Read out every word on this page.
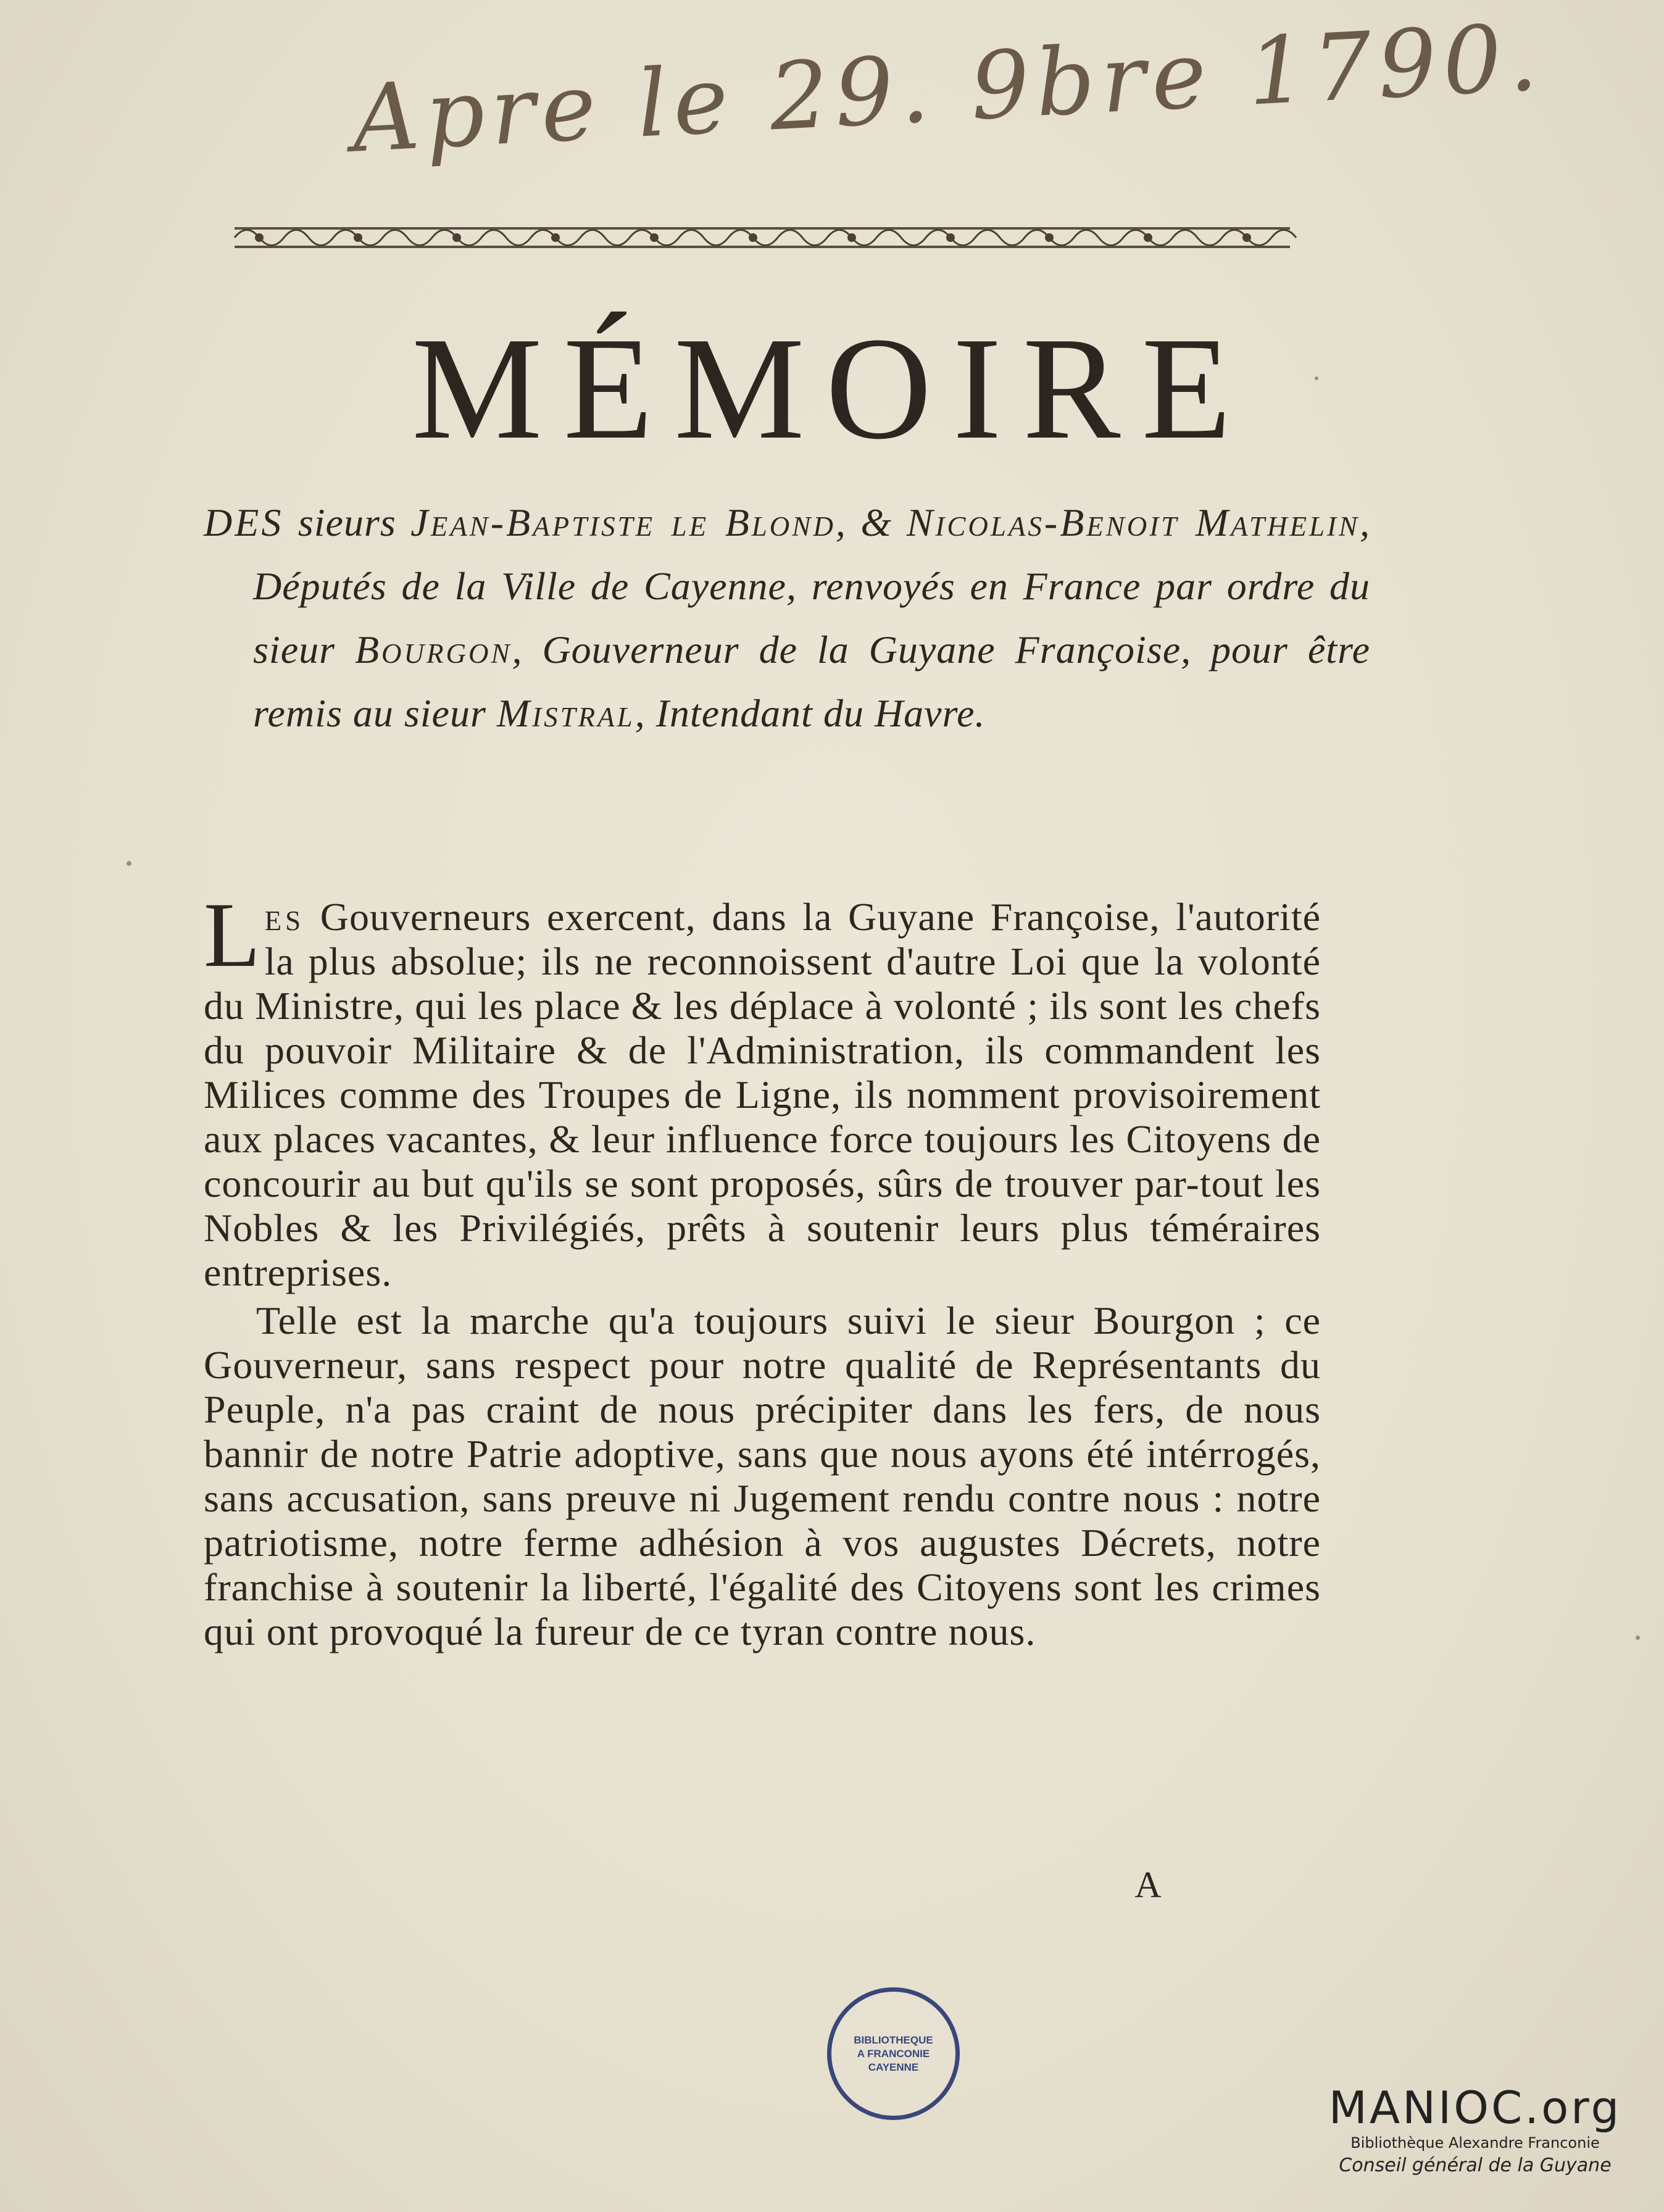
Apre le 29. 9bre 1790.
MÉMOIRE
DES sieurs Jean-Baptiste le Blond, & Nicolas-Benoit Mathelin, Députés de la Ville de Cayenne, renvoyés en France par ordre du sieur Bourgon, Gouverneur de la Guyane Françoise, pour être remis au sieur Mistral, Intendant du Havre.

Les Gouverneurs exercent, dans la Guyane Françoise, l'autorité la plus absolue; ils ne reconnoissent d'autre Loi que la volonté du Ministre, qui les place & les déplace à volonté ; ils sont les chefs du pouvoir Militaire & de l'Administration, ils commandent les Milices comme des Troupes de Ligne, ils nomment provisoirement aux places vacantes, & leur influence force toujours les Citoyens de concourir au but qu'ils se sont proposés, sûrs de trouver par-tout les Nobles & les Privilégiés, prêts à soutenir leurs plus téméraires entreprises.

Telle est la marche qu'a toujours suivi le sieur Bourgon ; ce Gouverneur, sans respect pour notre qualité de Représentants du Peuple, n'a pas craint de nous précipiter dans les fers, de nous bannir de notre Patrie adoptive, sans que nous ayons été intérrogés, sans accusation, sans preuve ni Jugement rendu contre nous : notre patriotisme, notre ferme adhésion à vos augustes Décrets, notre franchise à soutenir la liberté, l'égalité des Citoyens sont les crimes qui ont provoqué la fureur de ce tyran contre nous.

A
BIBLIOTHEQUE
A FRANCONIE
CAYENNE
MANIOC.org
Bibliothèque Alexandre Franconie
Conseil général de la Guyane
